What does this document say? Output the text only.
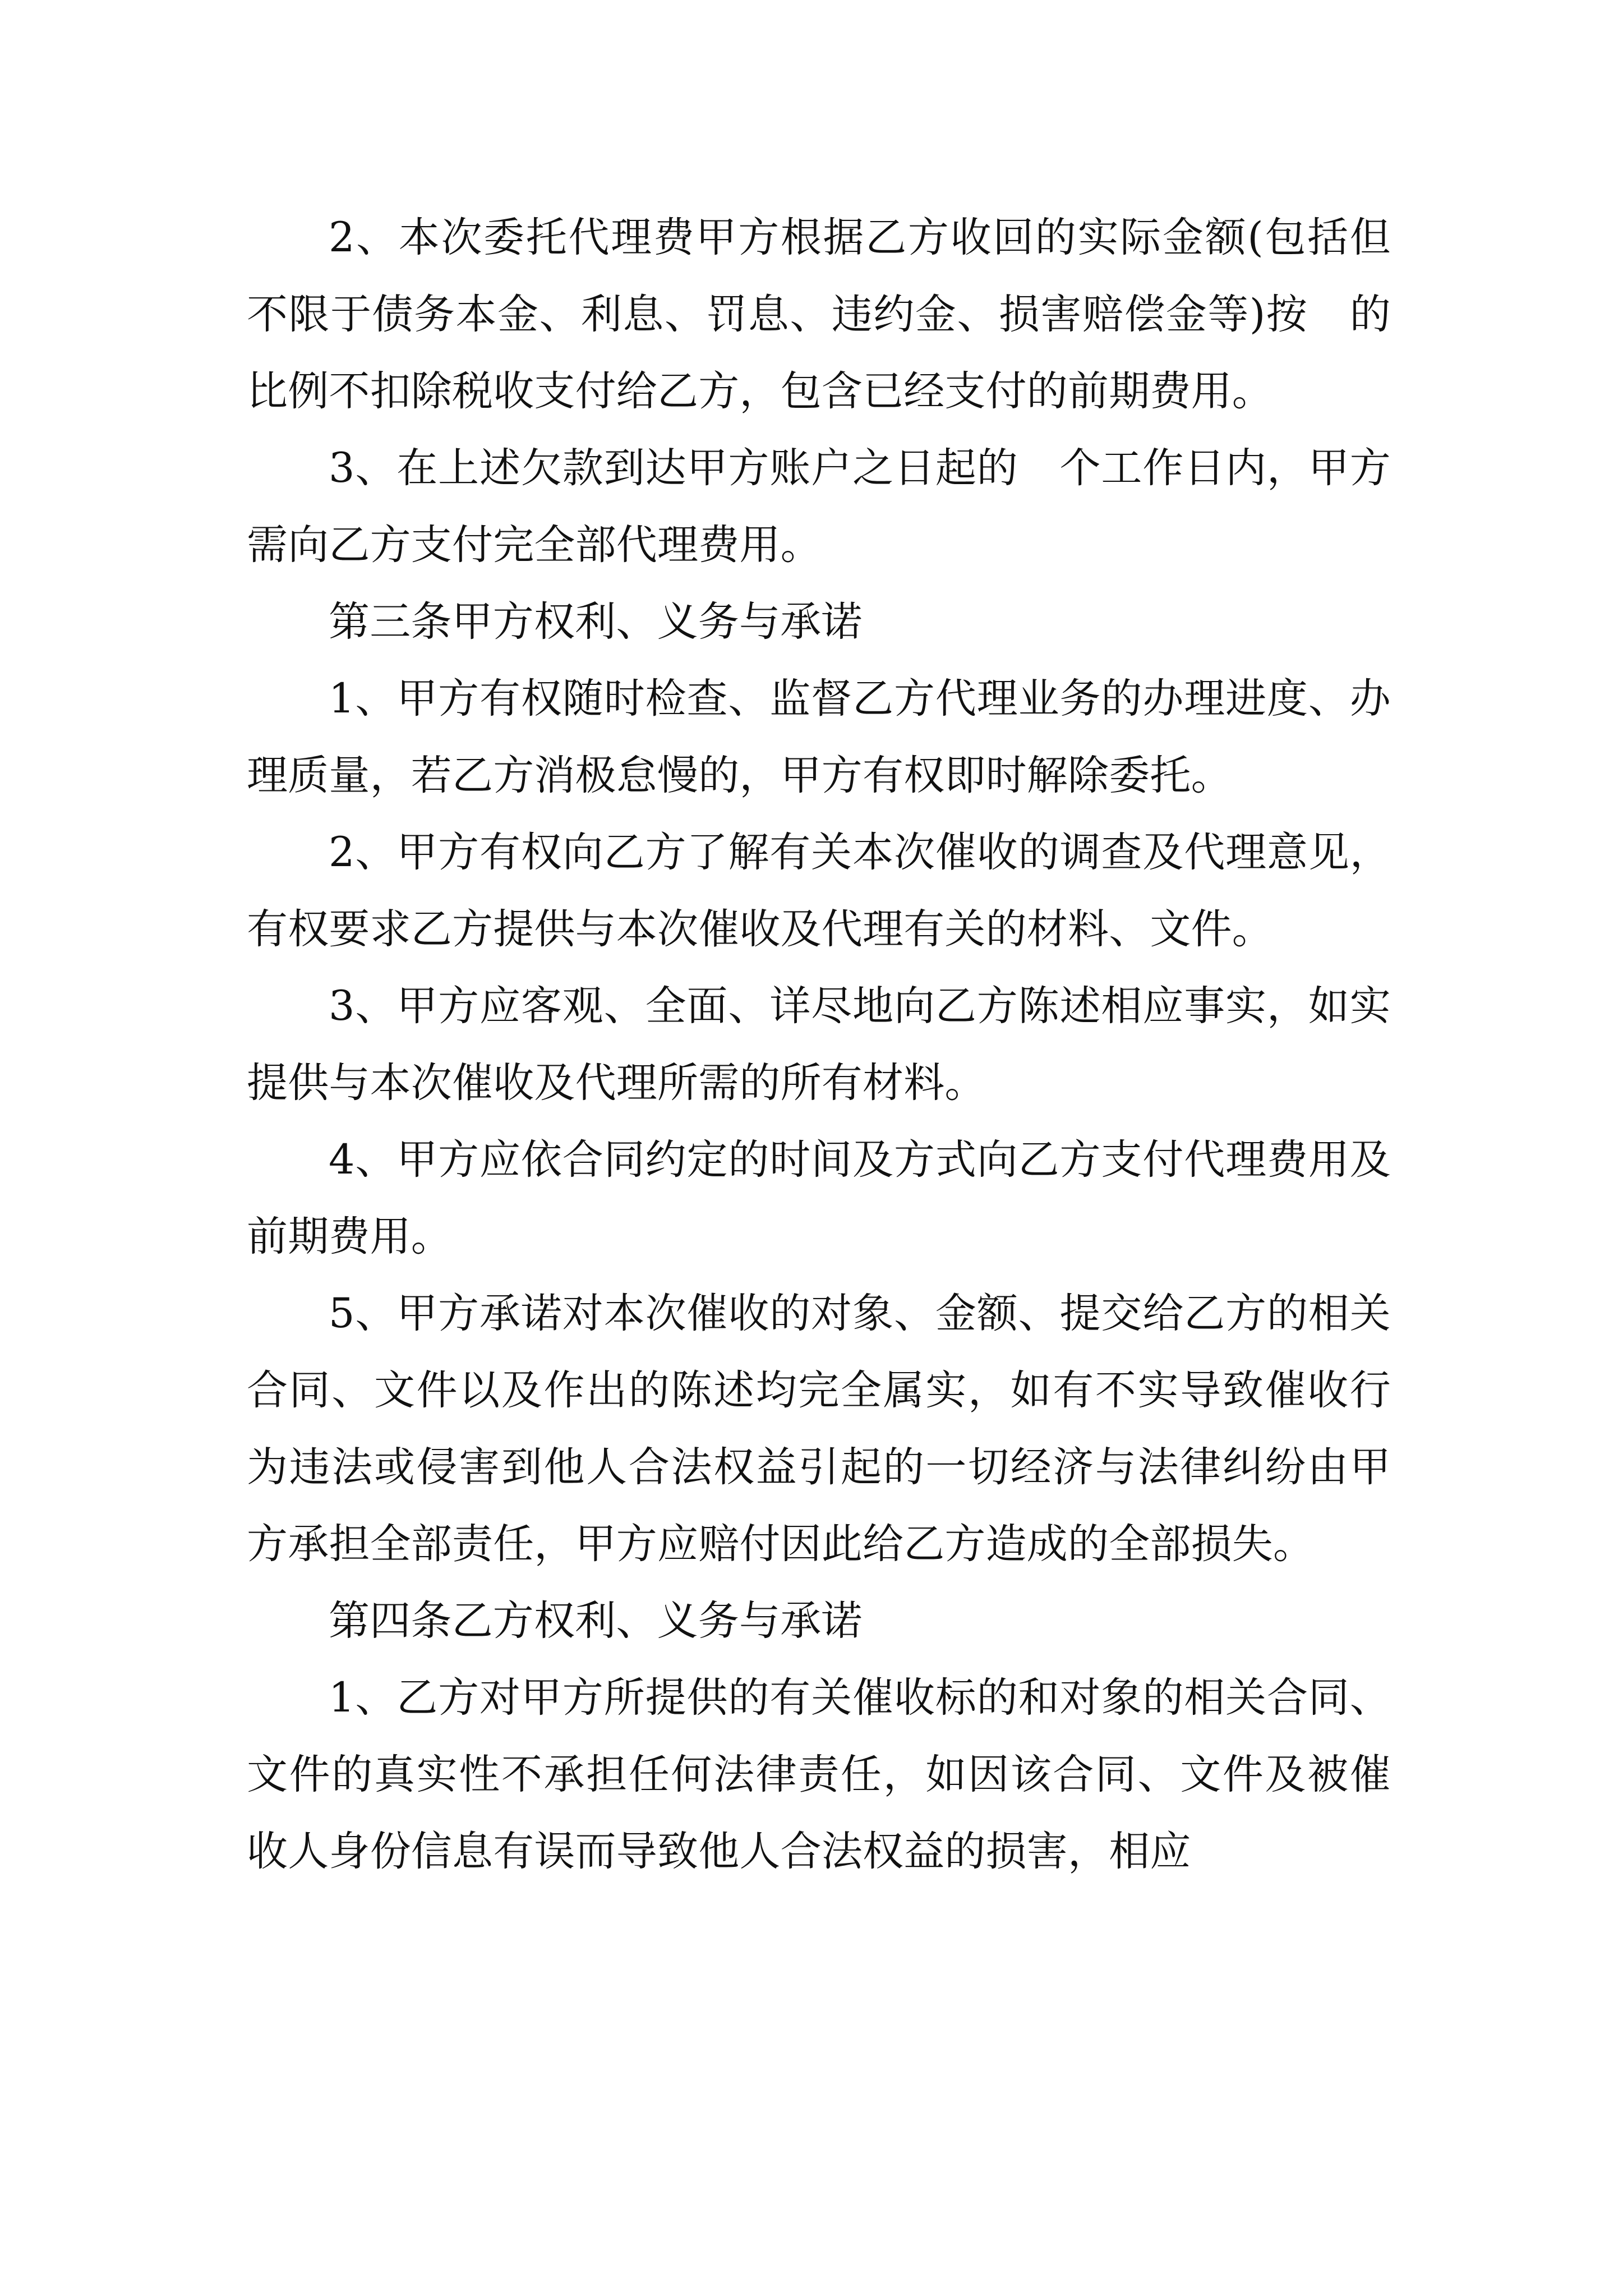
2、本次委托代理费甲方根据乙方收回的实际金额(包括但不限于债务本金、利息、罚息、违约金、损害赔偿金等)按　的比例不扣除税收支付给乙方，包含已经支付的前期费用。

3、在上述欠款到达甲方账户之日起的　个工作日内，甲方需向乙方支付完全部代理费用。

第三条甲方权利、义务与承诺

1、甲方有权随时检查、监督乙方代理业务的办理进度、办理质量，若乙方消极怠慢的，甲方有权即时解除委托。

2、甲方有权向乙方了解有关本次催收的调查及代理意见，有权要求乙方提供与本次催收及代理有关的材料、文件。

3、甲方应客观、全面、详尽地向乙方陈述相应事实，如实提供与本次催收及代理所需的所有材料。

4、甲方应依合同约定的时间及方式向乙方支付代理费用及前期费用。

5、甲方承诺对本次催收的对象、金额、提交给乙方的相关合同、文件以及作出的陈述均完全属实，如有不实导致催收行为违法或侵害到他人合法权益引起的一切经济与法律纠纷由甲方承担全部责任，甲方应赔付因此给乙方造成的全部损失。

第四条乙方权利、义务与承诺

1、乙方对甲方所提供的有关催收标的和对象的相关合同、文件的真实性不承担任何法律责任，如因该合同、文件及被催收人身份信息有误而导致他人合法权益的损害，相应
